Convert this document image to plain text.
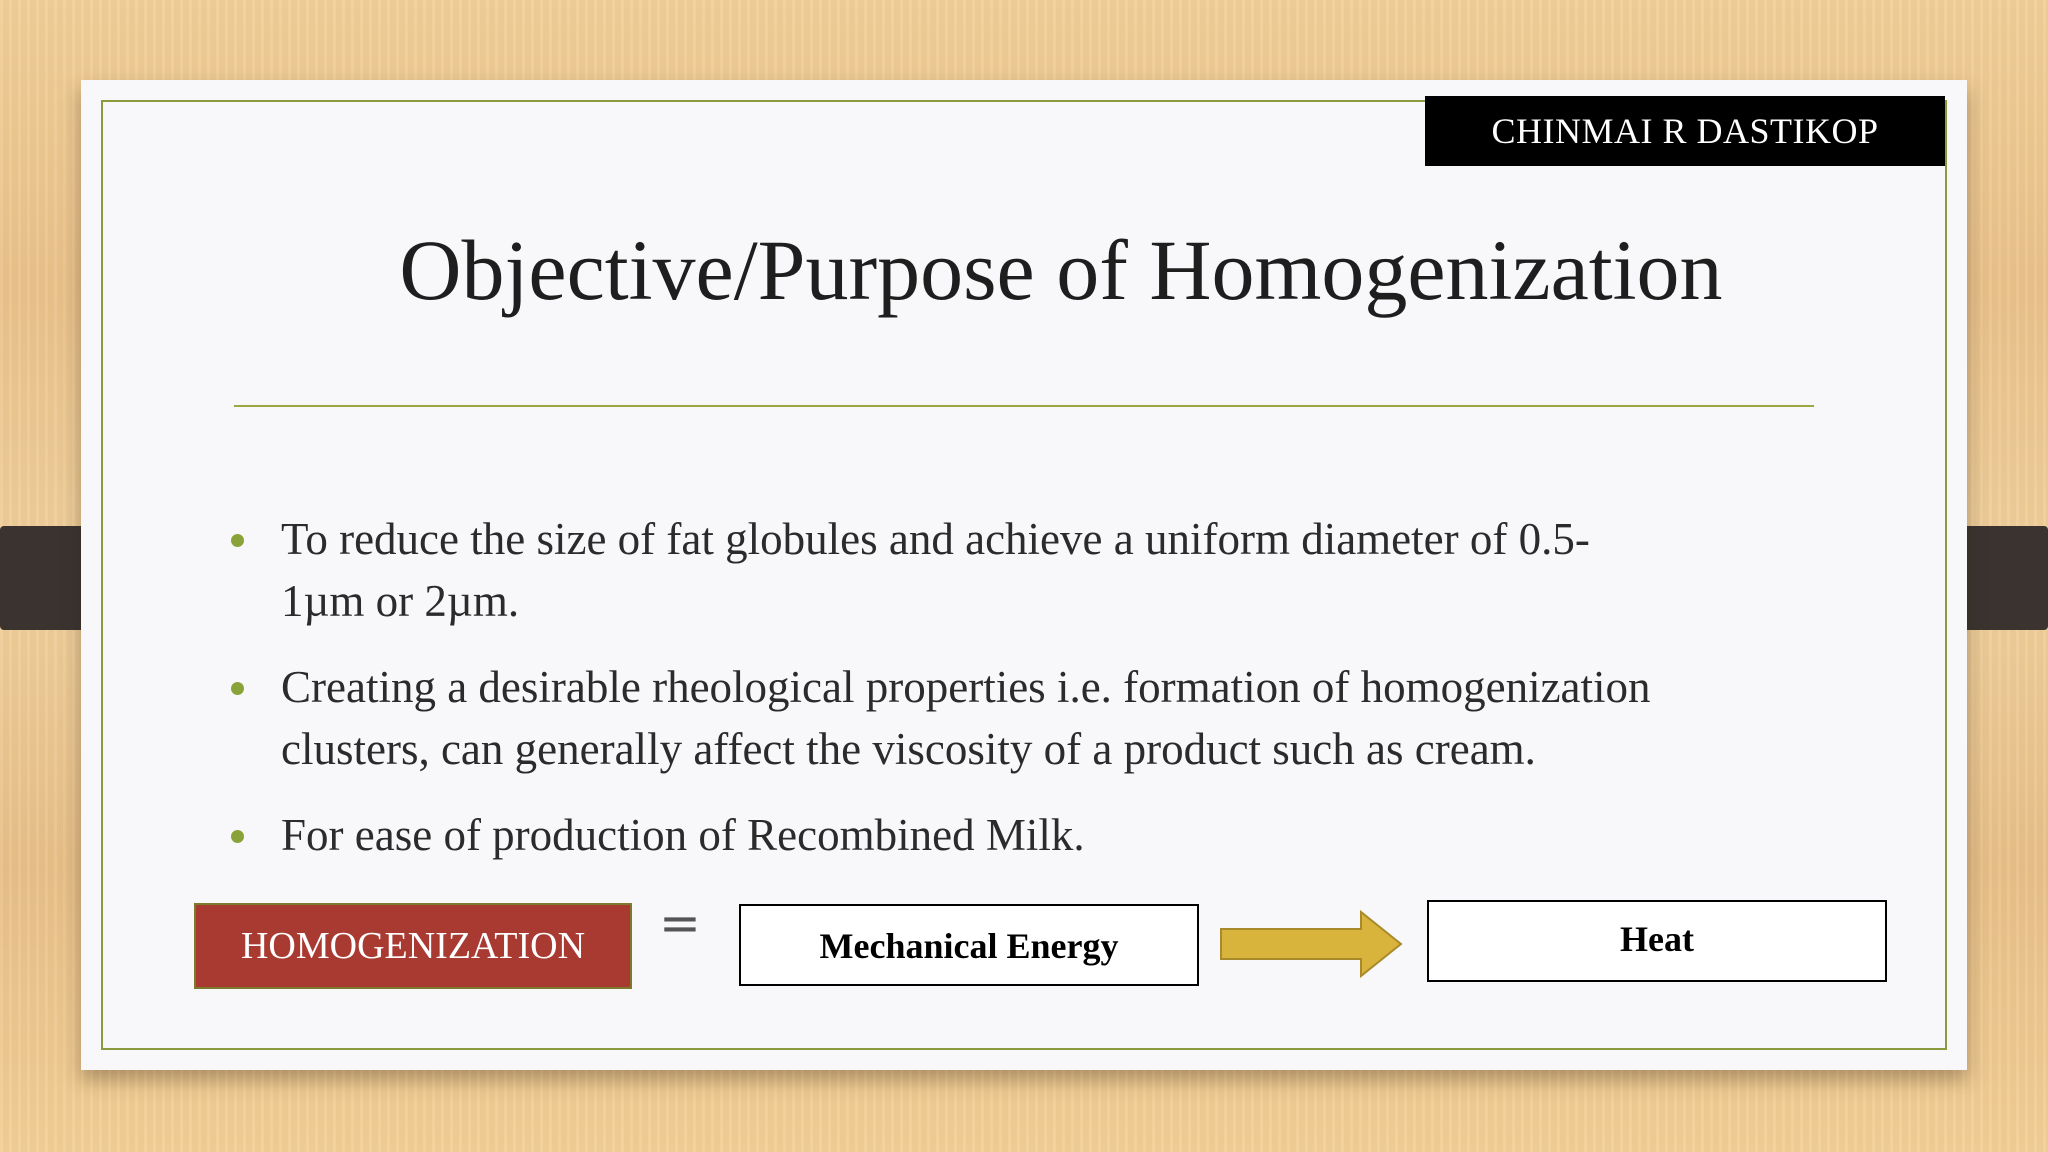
CHINMAI R DASTIKOP
Objective/Purpose of Homogenization
To reduce the size of fat globules and achieve a uniform diameter of 0.5-
1µm or 2µm.
Creating a desirable rheological properties i.e. formation of homogenization
clusters, can generally affect the viscosity of a product such as cream.
For ease of production of Recombined Milk.
HOMOGENIZATION	=	Mechanical Energy	Heat
